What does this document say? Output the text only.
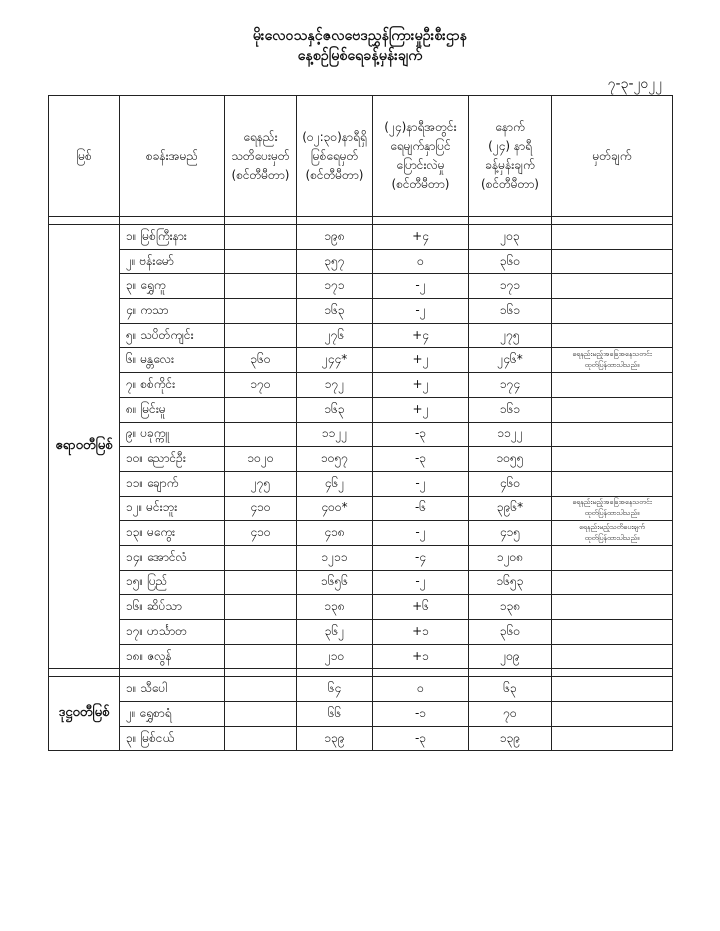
မိုးလေဝသနှင့်ဇလဗေဒညွှန်ကြားမှုဦးစီးဌာန
နေ့စဉ်မြစ်ရေခန့်မှန်းချက်
၇-၃-၂၀၂၂
မြစ်	စခန်းအမည်	ရေနည်း
သတိပေးမှတ်
(စင်တီမီတာ)	(၀၂:၃၀)နာရီရှိ
မြစ်ရေမှတ်
(စင်တီမီတာ)	(၂၄)နာရီအတွင်း
ရေမျက်နှာပြင်
ပြောင်းလဲမှု
(စင်တီမီတာ)	နောက်
(၂၄) နာရီ
ခန့်မှန်းချက်
(စင်တီမီတာ)	မှတ်ချက်

ဧရာဝတီမြစ်	၁။ မြစ်ကြီးနား		၁၉၈	+၄	၂၀၃	
	၂။ ဗန်းမော်		၃၅၇	၀	၃၆၀	
	၃။ ရွှေကူ		၁၇၁	-၂	၁၇၁	
	၄။ ကသာ		၁၆၃	-၂	၁၆၁	
	၅။ သပိတ်ကျင်း		၂၇၆	+၄	၂၇၅	
	၆။ မန္တလေး	၃၆၀	၂၄၄*	+၂	၂၄၆*	ရေနည်းမည့်အခြေအနေသတင်း
ထုတ်ပြန်ထားပါသည်။
	၇။ စစ်ကိုင်း	၁၇၀	၁၇၂	+၂	၁၇၄	
	၈။ မြင်းမူ		၁၆၃	+၂	၁၆၁	
	၉။ ပခုက္ကူ		၁၁၂၂	-၃	၁၁၂၂	
	၁၀။ ညောင်ဦး	၁၀၂၀	၁၀၅၇	-၃	၁၀၅၅	
	၁၁။ ချောက်	၂၇၅	၄၆၂	-၂	၄၆၀	
	၁၂။ မင်းဘူး	၄၁၀	၄၀၀*	-၆	၃၉၆*	ရေနည်းမည့်အခြေအနေသတင်း
ထုတ်ပြန်ထားပါသည်။
	၁၃။ မကွေး	၄၁၀	၄၁၈	-၂	၄၁၅	ရေနည်းမည့်သတိပေးချက်
ထုတ်ပြန်ထားပါသည်။
	၁၄။ အောင်လံ		၁၂၁၁	-၄	၁၂၀၈	
	၁၅။ ပြည်		၁၆၅၆	-၂	၁၆၅၃	
	၁၆။ ဆိပ်သာ		၁၃၈	+၆	၁၃၈	
	၁၇။ ဟင်္သာတ		၃၆၂	+၁	၃၆၀	
	၁၈။ ဇလွန်		၂၁၀	+၁	၂၀၉	

ဒုဋ္ဌဝတီမြစ်	၁။ သီပေါ		၆၄	၀	၆၃	
	၂။ ရွှေစာရံ		၆၆	-၁	၇၀	
	၃။ မြစ်ငယ်		၁၃၉	-၃	၁၃၉	
